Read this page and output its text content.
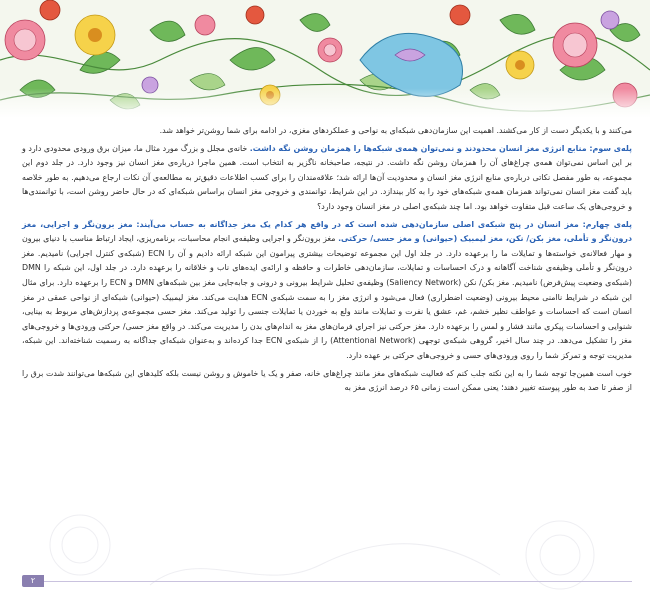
می‌کنند و با یکدیگر دست از کار می‌کشند. اهمیت این سازمان‌دهی شبکه‌ای به نواحی و عملکردهای مغزی، در ادامه برای شما روشن‌تر خواهد شد.

پله‌ی سوم: منابع انرژی مغز انسان محدودند و نمی‌توان همه‌ی شبکه‌ها را همزمان روشن نگه داشت. خانه‌ی مجلل و بزرگ مورد مثال ما، میزان برق ورودی محدودی دارد و بر این اساس نمی‌توان همه‌ی چراغ‌های آن را همزمان روشن نگه داشت. در نتیجه، صاحبخانه ناگزیر به انتخاب است. همین ماجرا درباره‌ی مغز انسان نیز وجود دارد. در جلد دوم این مجموعه، به طور مفصل نکاتی درباره‌ی منابع انرژی مغز انسان و محدودیت آن‌ها ارائه شد؛ علاقه‌مندان را برای کسب اطلاعات دقیق‌تر به مطالعه‌ی آن نکات ارجاع می‌دهیم. به طور خلاصه باید گفت مغز انسان نمی‌تواند همزمان همه‌ی شبکه‌های خود را به کار بیندازد. در این شرایط، توانمندی و خروجی مغز انسان براساس شبکه‌ای که در حال حاضر روشن است، با توانمندی‌ها و خروجی‌های یک ساعت قبل متفاوت خواهد بود. اما چند شبکه‌ی اصلی در مغز انسان وجود دارد؟

پله‌ی چهارم: مغز انسان در پنج شبکه‌ی اصلی سازمان‌دهی شده است که در واقع هر کدام یک مغز جداگانه به حساب می‌آیند: مغز برون‌نگر و اجرایی، مغز درون‌نگر و تأملی، مغز بکن/ نکن، مغز لیمبیک (حیوانی) و مغز حسی/ حرکتی. مغز برون‌نگر و اجرایی وظیفه‌ی انجام محاسبات، برنامه‌ریزی، ایجاد ارتباط مناسب با دنیای بیرون و مهار فعالانه‌ی خواسته‌ها و تمایلات ما را برعهده دارد. در جلد اول این مجموعه توضیحات بیشتری پیرامون این شبکه ارائه دادیم و آن را ECN (شبکه‌ی کنترل اجرایی) نامیدیم. مغز درون‌نگر و تأملی وظیفه‌ی شناخت آگاهانه و درک احساسات و تمایلات، سازمان‌دهی خاطرات و حافظه و ارائه‌ی ایده‌های ناب و خلاقانه را برعهده دارد. در جلد اول، این شبکه را DMN (شبکه‌ی وضعیت پیش‌فرض) نامیدیم. مغز بکن/ نکن (Saliency Network) وظیفه‌ی تحلیل شرایط بیرونی و درونی و جابه‌جایی مغز بین شبکه‌های DMN و ECN را برعهده دارد. برای مثال این شبکه در شرایط ناامنی محیط بیرونی (وضعیت اضطراری) فعال می‌شود و انرژی مغز را به سمت شبکه‌ی ECN هدایت می‌کند. مغز لیمبیک (حیوانی) شبکه‌ای از نواحی عمقی در مغز انسان است که احساسات و عواطف نظیر خشم، غم، عشق یا نفرت و تمایلات مانند ولع به خوردن یا تمایلات جنسی را تولید می‌کند. مغز حسی مجموعه‌ی پردازش‌های مربوط به بینایی، شنوایی و احساسات پیکری مانند فشار و لمس را برعهده دارد. مغز حرکتی نیز اجرای فرمان‌های مغز به اندام‌های بدن را مدیریت می‌کند. در واقع مغز حسی/ حرکتی ورودی‌ها و خروجی‌های مغز را تشکیل می‌دهد. در چند سال اخیر، گروهی شبکه‌ی توجهی (Attentional Network) را از شبکه‌ی ECN جدا کرده‌اند و به‌عنوان شبکه‌ای جداگانه به رسمیت شناخته‌اند. این شبکه، مدیریت توجه و تمرکز شما را روی ورودی‌های حسی و خروجی‌های حرکتی بر عهده دارد.

خوب است همین‌جا توجه شما را به این نکته جلب کنم که فعالیت شبکه‌های مغز مانند چراغ‌های خانه، صفر و یک یا خاموش و روشن نیست بلکه کلیدهای این شبکه‌ها می‌توانند شدت برق را از صفر تا صد به طور پیوسته تغییر دهند؛ یعنی ممکن است زمانی ۶۵ درصد انرژی مغز به

۲
